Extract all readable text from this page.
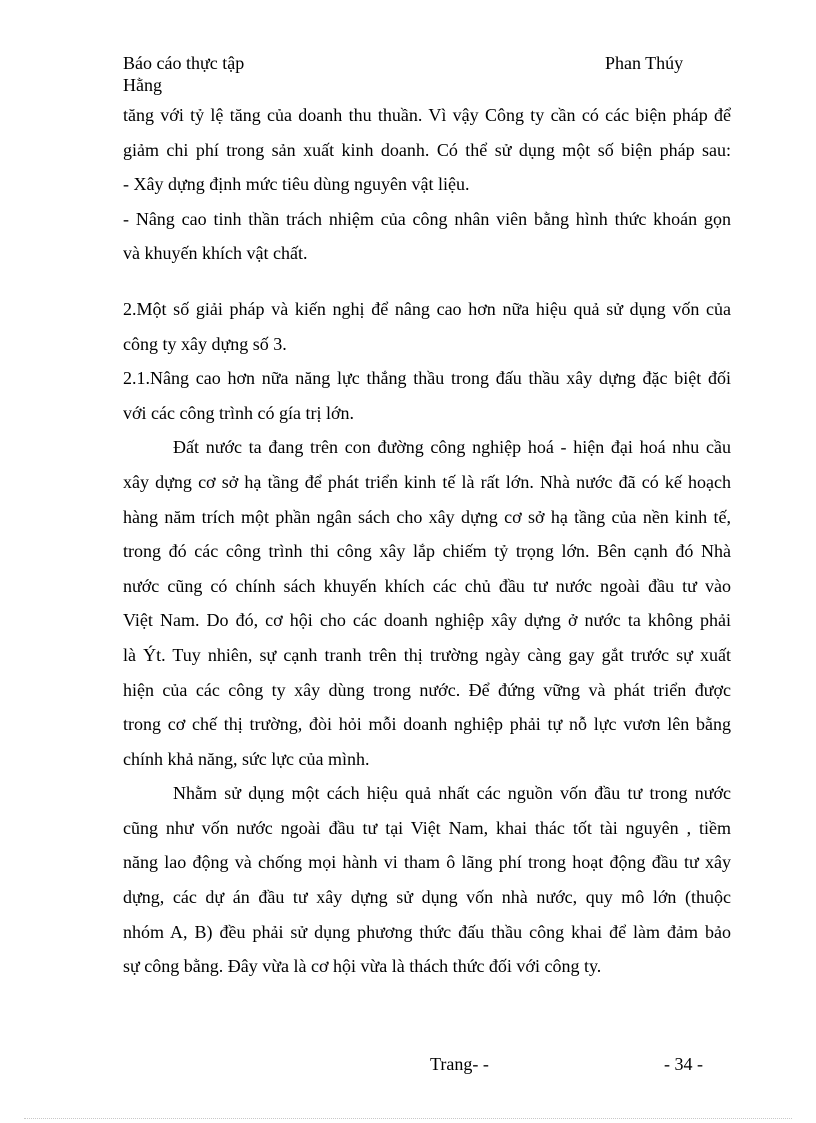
Báo cáo thực tập Hằng
Phan Thúy
tăng với tỷ lệ tăng của doanh thu thuần. Vì vậy Công ty cần có các biện pháp để
giảm chi phí trong sản xuất kinh doanh. Có thể sử dụng một số biện pháp sau:
- Xây dựng định mức tiêu dùng nguyên vật liệu.
- Nâng cao tinh thần trách nhiệm của công nhân viên bằng hình thức khoán gọn
và khuyến khích vật chất.
2.Một số giải pháp và kiến nghị để nâng cao hơn nữa hiệu quả sử dụng vốn của
công ty xây dựng số 3.
2.1.Nâng cao hơn nữa năng lực thắng thầu trong đấu thầu xây dựng đặc biệt đối
với các công trình có gía trị lớn.
Đất nước ta đang trên con đường công nghiệp hoá - hiện đại hoá nhu cầu
xây dựng cơ sở hạ tầng để phát triển kinh tế là rất lớn. Nhà nước đã có kế hoạch
hàng năm trích một phần ngân sách cho xây dựng cơ sở hạ tầng của nền kinh tế,
trong đó các công trình thi công xây lắp chiếm tỷ trọng lớn. Bên cạnh đó Nhà
nước cũng có chính sách khuyến khích các chủ đầu tư nước ngoài đầu tư vào
Việt Nam. Do đó, cơ hội cho các doanh nghiệp xây dựng ở nước ta không phải
là Ýt. Tuy nhiên, sự cạnh tranh trên thị trường ngày càng gay gắt trước sự xuất
hiện của các công ty xây dùng trong nước. Để đứng vững và phát triển được
trong cơ chế thị trường, đòi hỏi mỗi doanh nghiệp phải tự nỗ lực vươn lên bằng
chính khả năng, sức lực của mình.
Nhằm sử dụng một cách hiệu quả nhất các nguồn vốn đầu tư trong nước
cũng như vốn nước ngoài đầu tư tại Việt Nam, khai thác tốt tài nguyên , tiềm
năng lao động và chống mọi hành vi tham ô lãng phí trong hoạt động đầu tư xây
dựng, các dự án đầu tư xây dựng sử dụng vốn nhà nước, quy mô lớn (thuộc
nhóm A, B) đều phải sử dụng phương thức đấu thầu công khai để làm đảm bảo
sự công bằng. Đây vừa là cơ hội vừa là thách thức đối với công ty.
Trang- -	- 34 -
